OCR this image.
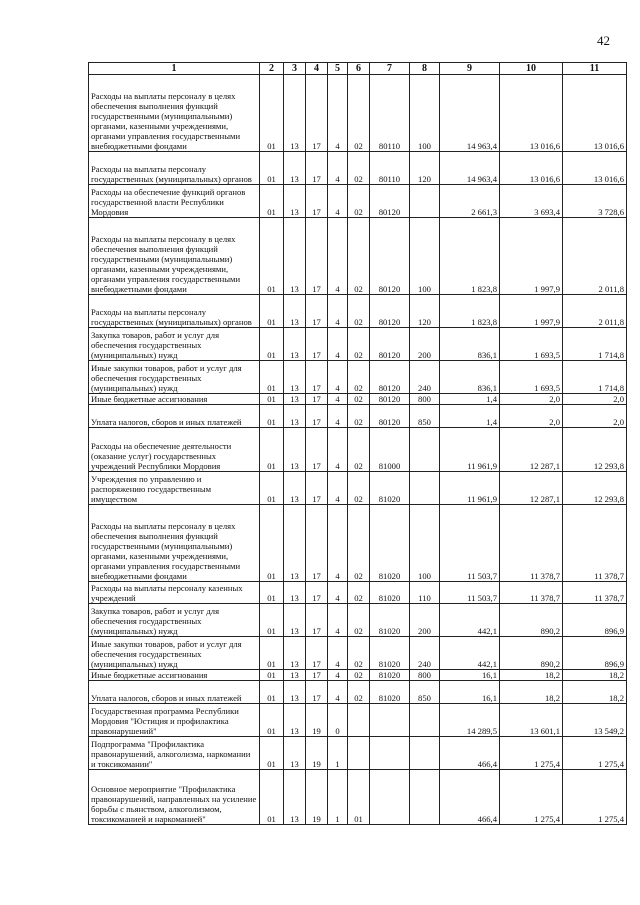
42
1	2	3	4	5	6	7	8	9	10	11
Расходы на выплаты персоналу в целях обеспечения выполнения функций государственными (муниципальными) органами, казенными учреждениями, органами управления государственными внебюджетными фондами	01	13	17	4	02	80110	100	14 963,4	13 016,6	13 016,6
Расходы на выплаты персоналу государственных (муниципальных) органов	01	13	17	4	02	80110	120	14 963,4	13 016,6	13 016,6
Расходы на обеспечение функций органов государственной власти Республики Мордовия	01	13	17	4	02	80120		2 661,3	3 693,4	3 728,6
Расходы на выплаты персоналу в целях обеспечения выполнения функций государственными (муниципальными) органами, казенными учреждениями, органами управления государственными внебюджетными фондами	01	13	17	4	02	80120	100	1 823,8	1 997,9	2 011,8
Расходы на выплаты персоналу государственных (муниципальных) органов	01	13	17	4	02	80120	120	1 823,8	1 997,9	2 011,8
Закупка товаров, работ и услуг для обеспечения государственных (муниципальных) нужд	01	13	17	4	02	80120	200	836,1	1 693,5	1 714,8
Иные закупки товаров, работ и услуг для обеспечения государственных (муниципальных) нужд	01	13	17	4	02	80120	240	836,1	1 693,5	1 714,8
Иные бюджетные ассигнования	01	13	17	4	02	80120	800	1,4	2,0	2,0
Уплата налогов, сборов и иных платежей	01	13	17	4	02	80120	850	1,4	2,0	2,0
Расходы на обеспечение деятельности (оказание услуг) государственных учреждений Республики Мордовия	01	13	17	4	02	81000		11 961,9	12 287,1	12 293,8
Учреждения по управлению и распоряжению государственным имуществом	01	13	17	4	02	81020		11 961,9	12 287,1	12 293,8
Расходы на выплаты персоналу в целях обеспечения выполнения функций государственными (муниципальными) органами, казенными учреждениями, органами управления государственными внебюджетными фондами	01	13	17	4	02	81020	100	11 503,7	11 378,7	11 378,7
Расходы на выплаты персоналу казенных учреждений	01	13	17	4	02	81020	110	11 503,7	11 378,7	11 378,7
Закупка товаров, работ и услуг для обеспечения государственных (муниципальных) нужд	01	13	17	4	02	81020	200	442,1	890,2	896,9
Иные закупки товаров, работ и услуг для обеспечения государственных (муниципальных) нужд	01	13	17	4	02	81020	240	442,1	890,2	896,9
Иные бюджетные ассигнования	01	13	17	4	02	81020	800	16,1	18,2	18,2
Уплата налогов, сборов и иных платежей	01	13	17	4	02	81020	850	16,1	18,2	18,2
Государственная программа Республики Мордовия "Юстиция и профилактика правонарушений"	01	13	19	0				14 289,5	13 601,1	13 549,2
Подпрограмма "Профилактика правонарушений, алкоголизма, наркомании и токсикомании"	01	13	19	1				466,4	1 275,4	1 275,4
Основное мероприятие "Профилактика правонарушений, направленных на усиление борьбы с пьянством, алкоголизмом, токсикоманией и наркоманией"	01	13	19	1	01			466,4	1 275,4	1 275,4
